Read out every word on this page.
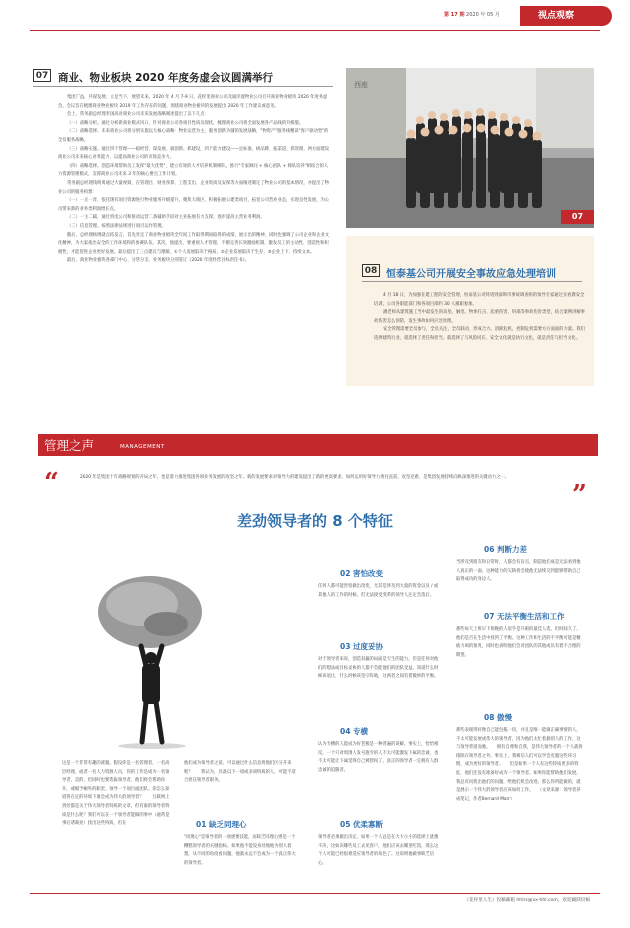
第 17 期 2020 年 05 月	视点观察
07 商业、物业板块 2020 年度务虚会议圆满举行

集团广益，共谋发展；立足当下，展望未来。2020 年 4 月 7-9 日，花样里商业公司及通洋置物业公司召开商业物业板块 2020 年度务虚会。会议旨在梳理商业物业板块 2019 年工作存在的问题，围绕商业物业板块的发展提出 2020 年工作建议或意见。

会上，常务副总经理李国高对商业公司未来发展战略阐述提出了以下几点：

（一）战略分析。通过分析新商业模式风口，针对商业公司各项目性质及现状，梳理商业公司将全面发展各产品线的升级版。

（二）战略选择。未来商业公司将分别实施以大核心战略：物业运营为主，服务创新为辅的发展战略，"物资产"服务线精读"客户驱动型"的全员服务战略。

（三）战略实施。通过四个管理——稳经营、谋发展、搞创新、抓建设，四个能力建设——定标准、树品牌、拓渠道、抓管理，两方面建设商业公司未来核心业务能力，以提高商业公司的市场竞争力。

（四）战略选择。创造环境帮助员工发挥"最大优势"，建立有效的人才培养机制梯队，推行"专家顾问 + 核心团队 + 梯队培养"相结合的人力资源管理模式，支撑商业公司未来 3 年的核心要点工作计划。

常务副总经理钱明勇通过大量视频，在管理目、财务预算、工程支出、企业资质及安保等方面阐述制定了物业公司的基本情况，并提出了物业公司的服务构想：

（一）一正一奇，依托现有项目资源进行物业服务升级提升，聚焦大商区，积极拓展公建类项目，拓宽公司营业业态，实现良性发展，为公司带来新的业务类利润增长点。

（二）一主二辅，通过机电公司和驱动运营二条辅助手段对主业拓展有力支撑，逐步提高主营业务利润。

（三）信息管理。按照法律法规进行项目运作管理。

随后，总经理杨博就点结发言，首先肯定了商业物业板块全年间工作取得期间取得的成绩，展示出的精神，同时也强调了公司企业和企业文化精神，为大家指出安全的工作环境和的参赛队伍。其次，他提出，要重视人才管理，不断完善长效激励机制，激发员工的主动性、创造性和积极性，才能促进企业更好发展。最后提出了三点建议与理解，①个人发展取决于格局，②企业发展取决于生存，③企业上下，持续文本。

最后，商业物业板块各部门中心、分管分支、业务板块分别签订《2020 年度经营目标责任书》。

西座
07
08 恒泰基公司开展安全事故应急处理培训

4 月 18 日，为加强在建工程的安全管理，恒泰基公司特请到深圳市事故调查组的领导专家通过实看教安全培训，公司各职能部门和各项目部约 30 人履职参加。

潘老师从建筑施工当中最发生的高坠、触电、物体打击、起重伤害、坍塌等事故伤害类型，结合案例讲解事故伤害怎么预防，发生事故如何应急处理。

安全管理需要全员参与，全员关注，全员联动，形成合力。消除危机，控制危机需要方方面面的力量。我们选择建筑行业，就选择了责任和担当。就选择了与风险同在，安全文化就是执行文化，就是责任与担当文化。

管理之声	MANAGEMENT
“	2020 年是集团十年战略规划的开局之年，也是着力推进集团各项业务发展的攻坚之年。新的发展要求对领导力的建设提出了新的更高要求，如何运用好领导力勇往直前，攻坚克难，是集团发展持续向纵深推进的关键动力之一。
”
差劲领导者的 8 个特征
这是一个非常有趣的谜题。假设你是一名管理者，一名高层经理，或者一名人力资源人员，你的工作是成为一名领导者，是的，但同时也要选拔领导者，他们将会帮助你升，或赋予额外的职责。领导一个项目或团队。你怎么知道将在定的环境下谁会成为伟大的领导者？　　互联网上到处都是关于伟大领导者特质的文章，但有谁的领导者特质是什么呢？我们可以在一个领导者能做的事中（通常是事后诸葛亮）找出这些特质，但在
他们成为领导者之前，可以通过什么信息将他们区分开来呢？　　我认为，具备以下一项或多项特质的人，可能不适合担任领导者职务。
01 缺乏同理心
"同理心"是领导者的一项重要技能，而缺乏同理心则是一个糟糕领导者的关键指标。如果他不能设身处地地为别人着想，从不同的角度看问题，他就永远不会成为一个真正伟大的领导者。
02 害怕改变
任何人都可能害怕做出改变，尤其是涉及到大量的资金以及 / 或其他人的工作的时候。但无法接受变革的领导人注定会落后。
03 过度妥协
对于领导者来说，创造双赢的局面是天生的能力，但是任何对他们的想法或目标妥协的人都不会能他们的团队受益。知道什么时候该退让，什么时候该坚守阵地，这两者之间有着微妙的平衡。
04 专横
认为专横的人能成为好老板是一种普遍的误解。事实上，恰恰相反，一个只对周围人发号施令的人不太可能激发下属的忠诚，也不太可能让下属觉得自己被授权了。真正的领导者一定拥有人群忠诚的追随者。
05 优柔寡断
领导者必须做出决定，如果一个人总是在大大小小的选择上犹豫不决，比如决哪些员工去见客户，他们应该去哪里吃饭，那么这个人可能已经很难适应领导者的角色了。这说明他做事缺乏信心。
06 判断力差
当涉及到朋友和日常时，人都会有盲点，制造他们成是无法看到他人真正的一面，这种能力的欠缺将会使他无法续交到能够帮助自己取得成功的身边人。
07 无法平衡生活和工作
那些每天上班早下班晚的人似乎是升职的最佳人选，但时间久了，他们是否在生活中找到了平衡。这种工作和生活的不平衡可能是精疲力竭的预兆，同时也表明他们会对团队的其他成员有着不合理的期望。
08 傲慢
那些表现得好像自己能包揽一切，并且是唯一能做正确事情的人，不太可能发展成伟大的领导者，因为他们太忙着搞别人的工作，这与领导背道而驰。　　拥有自尊和自我，是伟大领导者的一个人就将排除在领导者之外。事实上，我相信人们可以学会克服这些坏习惯，成为更好的领导者。　　但是如果一个人有这些特质更多的特征，他们还没有准备好成为一个领导者。如果你能帮助他们发展，我总有问我出他们的问题，给他们机会改进。那么你所能做的，就是展示一个伟大的领导者应该如何工作。　　（文章来源：领导者养成笔记，作者Bernard Marr）
《花样里人生》投稿邮箱 hhlrs@xx-hhl.com，欢迎踊跃投稿
